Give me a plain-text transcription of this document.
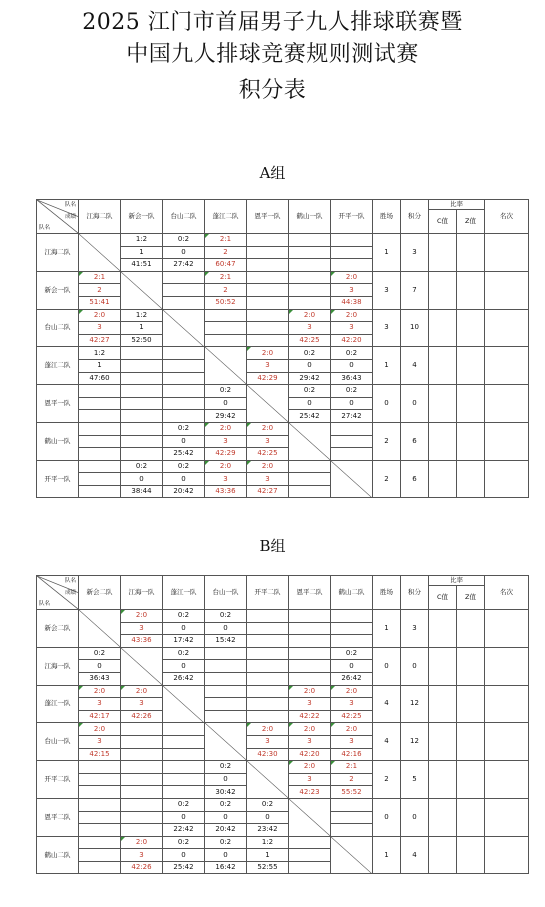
2025 江门市首届男子九人排球联赛暨
中国九人排球竞赛规则测试赛
积分表
A组
队名
成绩
队名	江海二队	新会一队	台山二队	蓬江二队	恩平一队	鹤山一队	开平一队	胜场	积分	比率		名次
										C值	Z值	
江海二队		1:2	0:2	2:1				1	3			
		1	0	2								
		41:51	27:42	60:47								
新会一队	2:1			2:1			2:0	3	7			
	2			2			3					
	51:41			50:52			44:38					
台山二队	2:0	1:2				2:0	2:0	3	10			
	3	1				3	3					
	42:27	52:50				42:25	42:20					
蓬江二队	1:2				2:0	0:2	0:2	1	4			
	1				3	0	0					
	47:60				42:29	29:42	36:43					
恩平一队				0:2		0:2	0:2	0	0			
				0		0	0					
				29:42		25:42	27:42					
鹤山一队			0:2	2:0	2:0			2	6			
			0	3	3							
			25:42	42:29	42:25							
开平一队		0:2	0:2	2:0	2:0			2	6			
		0	0	3	3							
		38:44	20:42	43:36	42:27							
B组
队名
成绩
队名	新会二队	江海一队	蓬江一队	台山一队	开平二队	恩平二队	鹤山二队	胜场	积分	比率		名次
										C值	Z值	
新会二队		2:0	0:2	0:2				1	3			
		3	0	0								
		43:36	17:42	15:42								
江海一队	0:2		0:2				0:2	0	0			
	0		0				0					
	36:43		26:42				26:42					
蓬江一队	2:0	2:0				2:0	2:0	4	12			
	3	3				3	3					
	42:17	42:26				42:22	42:25					
台山一队	2:0				2:0	2:0	2:0	4	12			
	3				3	3	3					
	42:15				42:30	42:20	42:16					
开平二队				0:2		2:0	2:1	2	5			
				0		3	2					
				30:42		42:23	55:52					
恩平二队			0:2	0:2	0:2			0	0			
			0	0	0							
			22:42	20:42	23:42							
鹤山二队		2:0	0:2	0:2	1:2			1	4			
		3	0	0	1							
		42:26	25:42	16:42	52:55							
